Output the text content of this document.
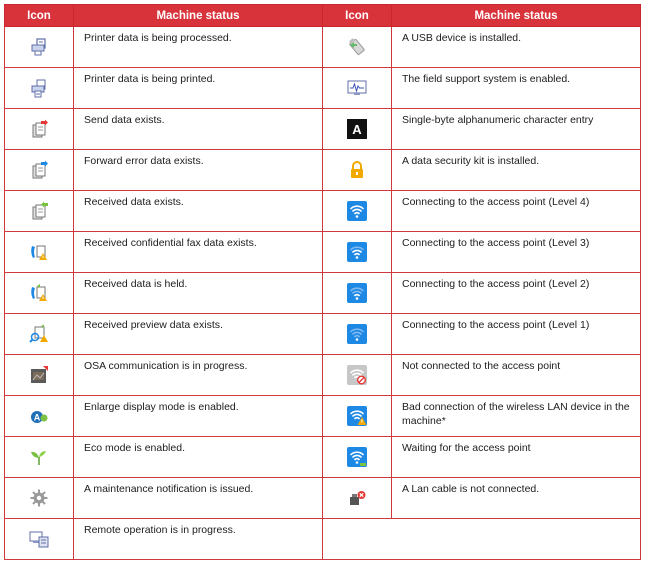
Icon	Machine status	Icon	Machine status
	Printer data is being processed.		A USB device is installed.
	Printer data is being printed.		The field support system is enabled.
	Send data exists.	A	Single-byte alphanumeric character entry
	Forward error data exists.		A data security kit is installed.
	Received data exists.		Connecting to the access point (Level 4)
	Received confidential fax data exists.		Connecting to the access point (Level 3)
	Received data is held.		Connecting to the access point (Level 2)
	Received preview data exists.		Connecting to the access point (Level 1)
	OSA communication is in progress.		Not connected to the access point

A	Enlarge display mode is enabled.		Bad connection of the wireless LAN device in the machine*
	Eco mode is enabled.		Waiting for the access point
	A maintenance notification is issued.		A Lan cable is not connected.
	Remote operation is in progress.		
